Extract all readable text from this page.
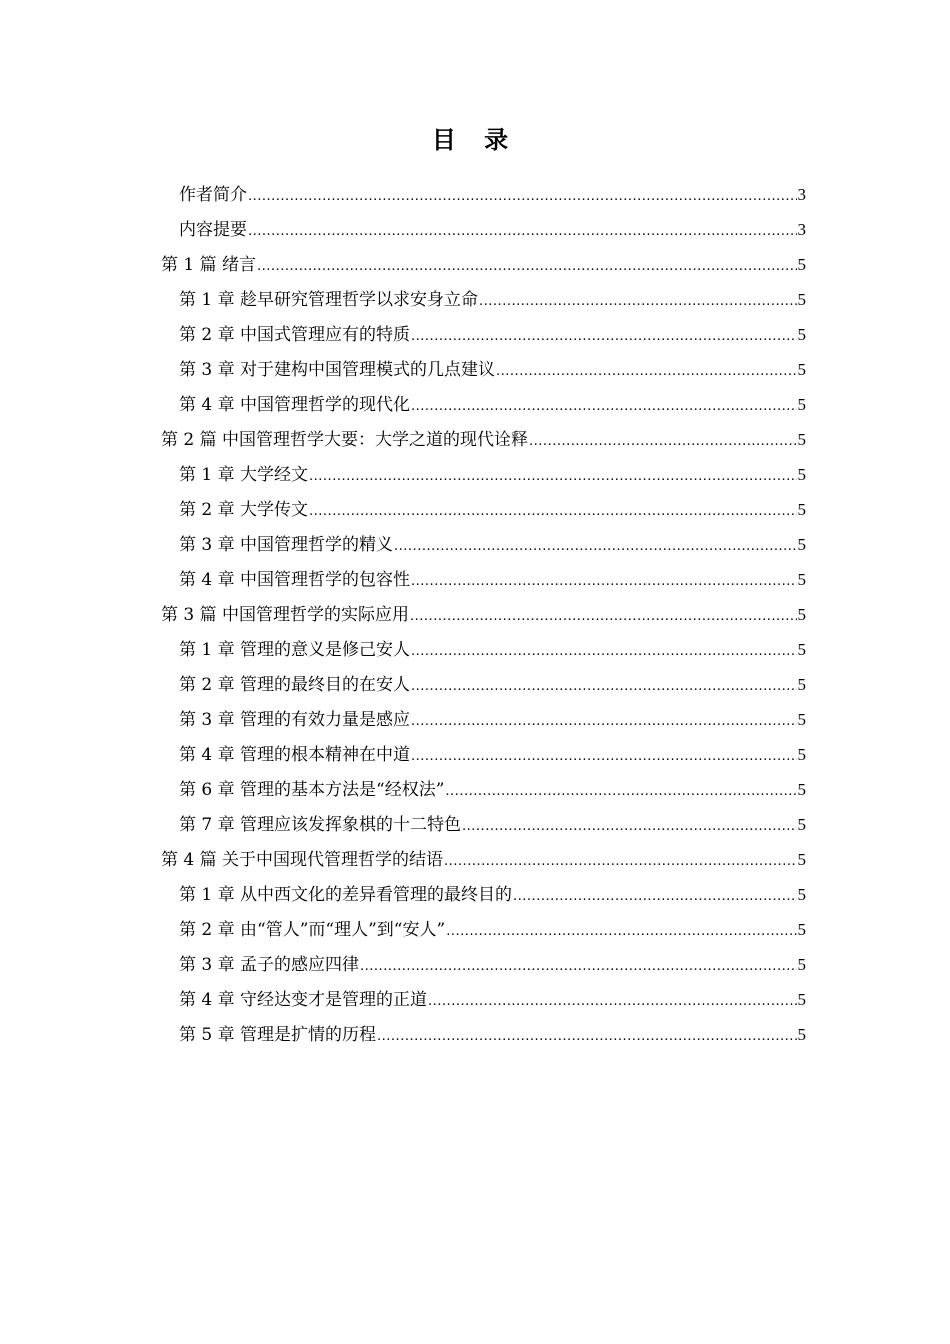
目 录
作者简介 .....	3
内容提要 .....	3
第 1 篇 绪言 .....	5
第 1 章 趁早研究管理哲学以求安身立命 .....	5
第 2 章 中国式管理应有的特质 .....	5
第 3 章 对于建构中国管理模式的几点建议 .....	5
第 4 章 中国管理哲学的现代化 .....	5
第 2 篇 中国管理哲学大要：大学之道的现代诠释 .....	5
第 1 章 大学经文 .....	5
第 2 章 大学传文 .....	5
第 3 章 中国管理哲学的精义 .....	5
第 4 章 中国管理哲学的包容性 .....	5
第 3 篇 中国管理哲学的实际应用 .....	5
第 1 章 管理的意义是修己安人 .....	5
第 2 章 管理的最终目的在安人 .....	5
第 3 章 管理的有效力量是感应 .....	5
第 4 章 管理的根本精神在中道 .....	5
第 6 章 管理的基本方法是“经权法” .....	5
第 7 章 管理应该发挥象棋的十二特色 .....	5
第 4 篇 关于中国现代管理哲学的结语 .....	5
第 1 章 从中西文化的差异看管理的最终目的 .....	5
第 2 章 由“管人”而“理人”到“安人” .....	5
第 3 章 孟子的感应四律 .....	5
第 4 章 守经达变才是管理的正道 .....	5
第 5 章 管理是扩情的历程 .....	5
